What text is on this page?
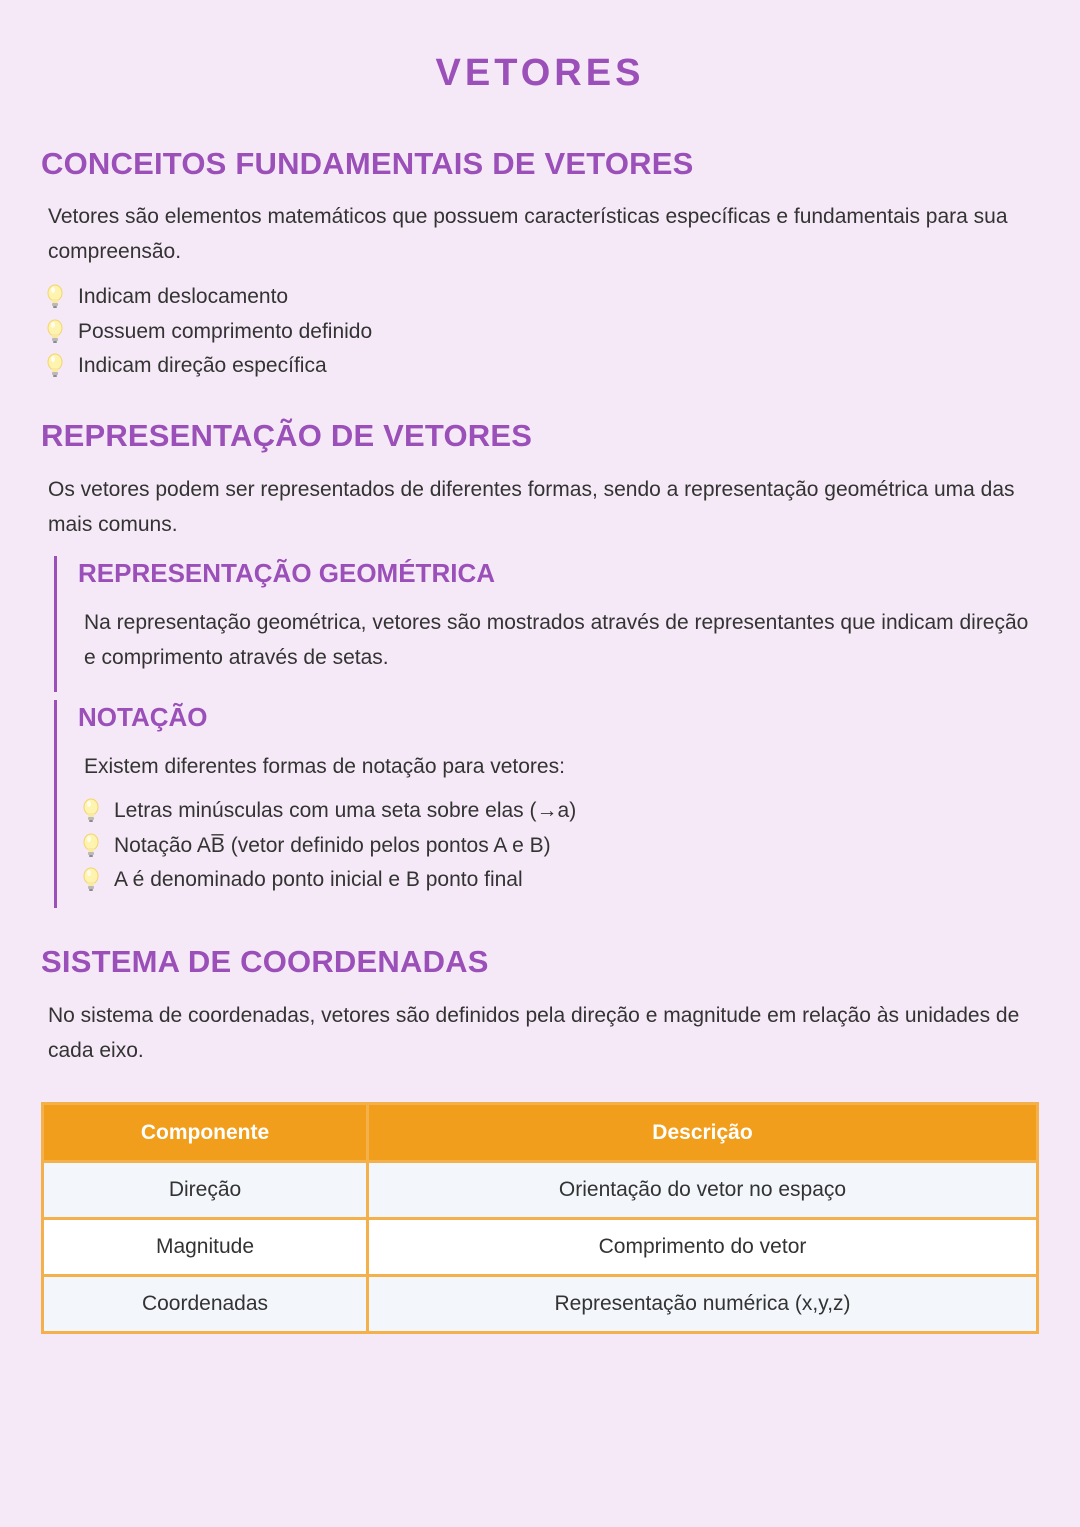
VETORES
CONCEITOS FUNDAMENTAIS DE VETORES

Vetores são elementos matemáticos que possuem características específicas e fundamentais para sua compreensão.

Indicam deslocamento
Possuem comprimento definido
Indicam direção específica
REPRESENTAÇÃO DE VETORES

Os vetores podem ser representados de diferentes formas, sendo a representação geométrica uma das mais comuns.

REPRESENTAÇÃO GEOMÉTRICA

Na representação geométrica, vetores são mostrados através de representantes que indicam direção e comprimento através de setas.

NOTAÇÃO

Existem diferentes formas de notação para vetores:

Letras minúsculas com uma seta sobre elas (→a)
Notação AB̅ (vetor definido pelos pontos A e B)
A é denominado ponto inicial e B ponto final
SISTEMA DE COORDENADAS

No sistema de coordenadas, vetores são definidos pela direção e magnitude em relação às unidades de cada eixo.

Componente	Descrição
Direção	Orientação do vetor no espaço
Magnitude	Comprimento do vetor
Coordenadas	Representação numérica (x,y,z)
